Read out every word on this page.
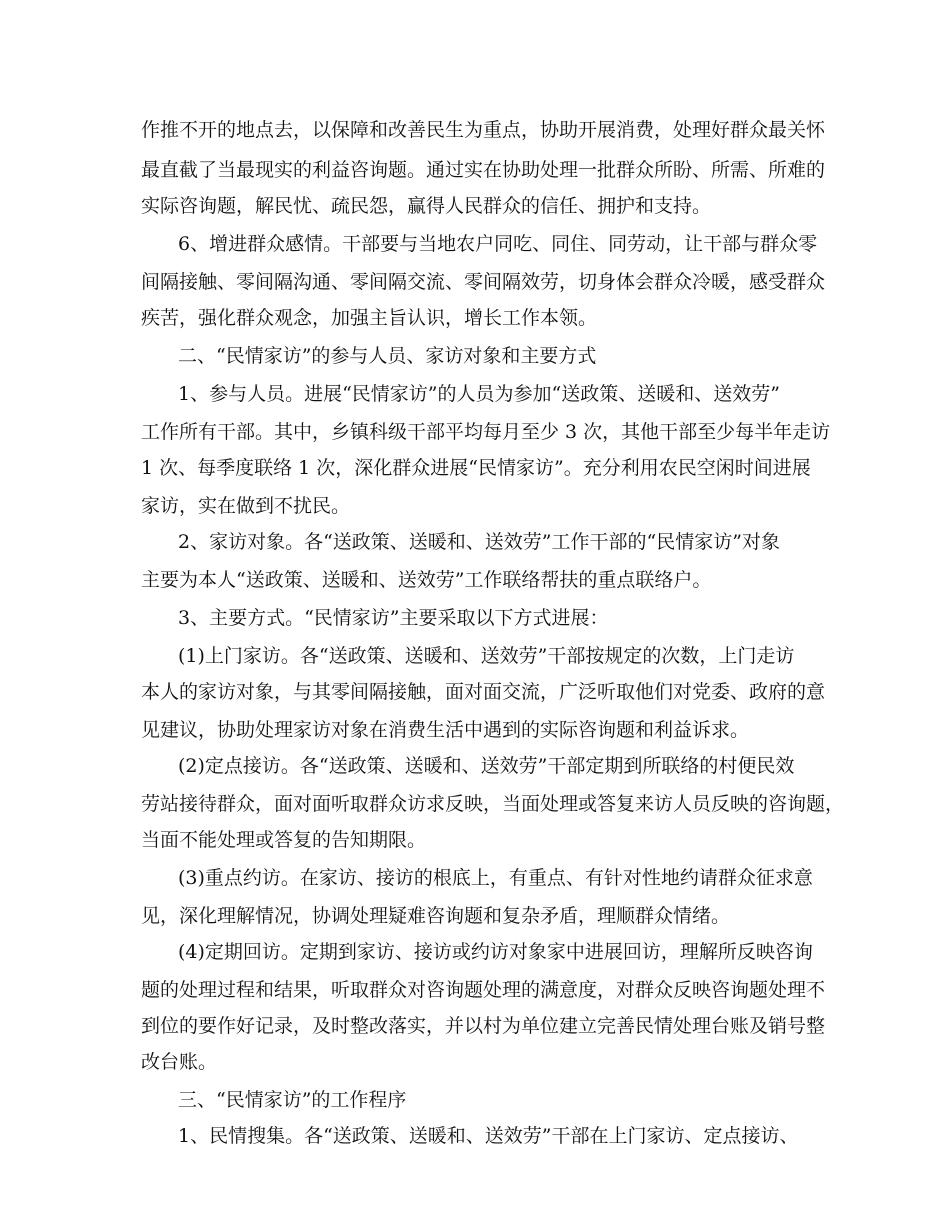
作推不开的地点去，以保障和改善民生为重点，协助开展消费，处理好群众最关怀
最直截了当最现实的利益咨询题。通过实在协助处理一批群众所盼、所需、所难的
实际咨询题，解民忧、疏民怨，赢得人民群众的信任、拥护和支持。
6、增进群众感情。干部要与当地农户同吃、同住、同劳动，让干部与群众零
间隔接触、零间隔沟通、零间隔交流、零间隔效劳，切身体会群众冷暖，感受群众
疾苦，强化群众观念，加强主旨认识，增长工作本领。
二、“民情家访”的参与人员、家访对象和主要方式
1、参与人员。进展“民情家访”的人员为参加“送政策、送暖和、送效劳”
工作所有干部。其中，乡镇科级干部平均每月至少 3 次，其他干部至少每半年走访
1 次、每季度联络 1 次，深化群众进展“民情家访”。充分利用农民空闲时间进展
家访，实在做到不扰民。
2、家访对象。各“送政策、送暖和、送效劳”工作干部的“民情家访”对象
主要为本人“送政策、送暖和、送效劳”工作联络帮扶的重点联络户。
3、主要方式。“民情家访”主要采取以下方式进展：
(1)上门家访。各“送政策、送暖和、送效劳”干部按规定的次数，上门走访
本人的家访对象，与其零间隔接触，面对面交流，广泛听取他们对党委、政府的意
见建议，协助处理家访对象在消费生活中遇到的实际咨询题和利益诉求。
(2)定点接访。各“送政策、送暖和、送效劳”干部定期到所联络的村便民效
劳站接待群众，面对面听取群众访求反映，当面处理或答复来访人员反映的咨询题，
当面不能处理或答复的告知期限。
(3)重点约访。在家访、接访的根底上，有重点、有针对性地约请群众征求意
见，深化理解情况，协调处理疑难咨询题和复杂矛盾，理顺群众情绪。
(4)定期回访。定期到家访、接访或约访对象家中进展回访，理解所反映咨询
题的处理过程和结果，听取群众对咨询题处理的满意度，对群众反映咨询题处理不
到位的要作好记录，及时整改落实，并以村为单位建立完善民情处理台账及销号整
改台账。
三、“民情家访”的工作程序
1、民情搜集。各“送政策、送暖和、送效劳”干部在上门家访、定点接访、
